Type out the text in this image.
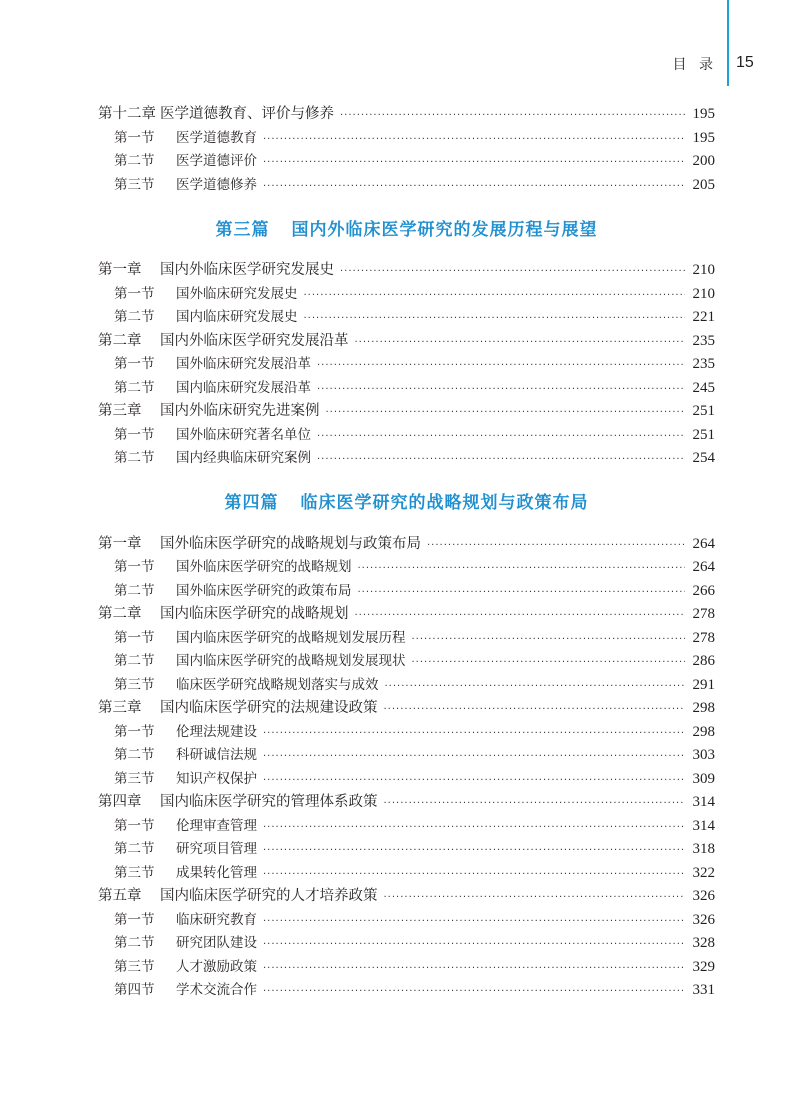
目 录 15
第十二章 医学道德教育、评价与修养 ·····	195
第一节	医学道德教育 ·····	195
第二节	医学道德评价 ·····	200
第三节	医学道德修养 ·····	205
第三篇 国内外临床医学研究的发展历程与展望
第一章	国内外临床医学研究发展史 ·····	210
第一节	国外临床研究发展史 ·····	210
第二节	国内临床研究发展史 ·····	221
第二章	国内外临床医学研究发展沿革 ·····	235
第一节	国外临床研究发展沿革 ·····	235
第二节	国内临床研究发展沿革 ·····	245
第三章	国内外临床研究先进案例 ·····	251
第一节	国外临床研究著名单位 ·····	251
第二节	国内经典临床研究案例 ·····	254
第四篇 临床医学研究的战略规划与政策布局
第一章	国外临床医学研究的战略规划与政策布局 ·····	264
第一节	国外临床医学研究的战略规划 ·····	264
第二节	国外临床医学研究的政策布局 ·····	266
第二章	国内临床医学研究的战略规划 ·····	278
第一节	国内临床医学研究的战略规划发展历程 ·····	278
第二节	国内临床医学研究的战略规划发展现状 ·····	286
第三节	临床医学研究战略规划落实与成效 ·····	291
第三章	国内临床医学研究的法规建设政策 ·····	298
第一节	伦理法规建设 ·····	298
第二节	科研诚信法规 ·····	303
第三节	知识产权保护 ·····	309
第四章	国内临床医学研究的管理体系政策 ·····	314
第一节	伦理审查管理 ·····	314
第二节	研究项目管理 ·····	318
第三节	成果转化管理 ·····	322
第五章	国内临床医学研究的人才培养政策 ·····	326
第一节	临床研究教育 ·····	326
第二节	研究团队建设 ·····	328
第三节	人才激励政策 ·····	329
第四节	学术交流合作 ·····	331
